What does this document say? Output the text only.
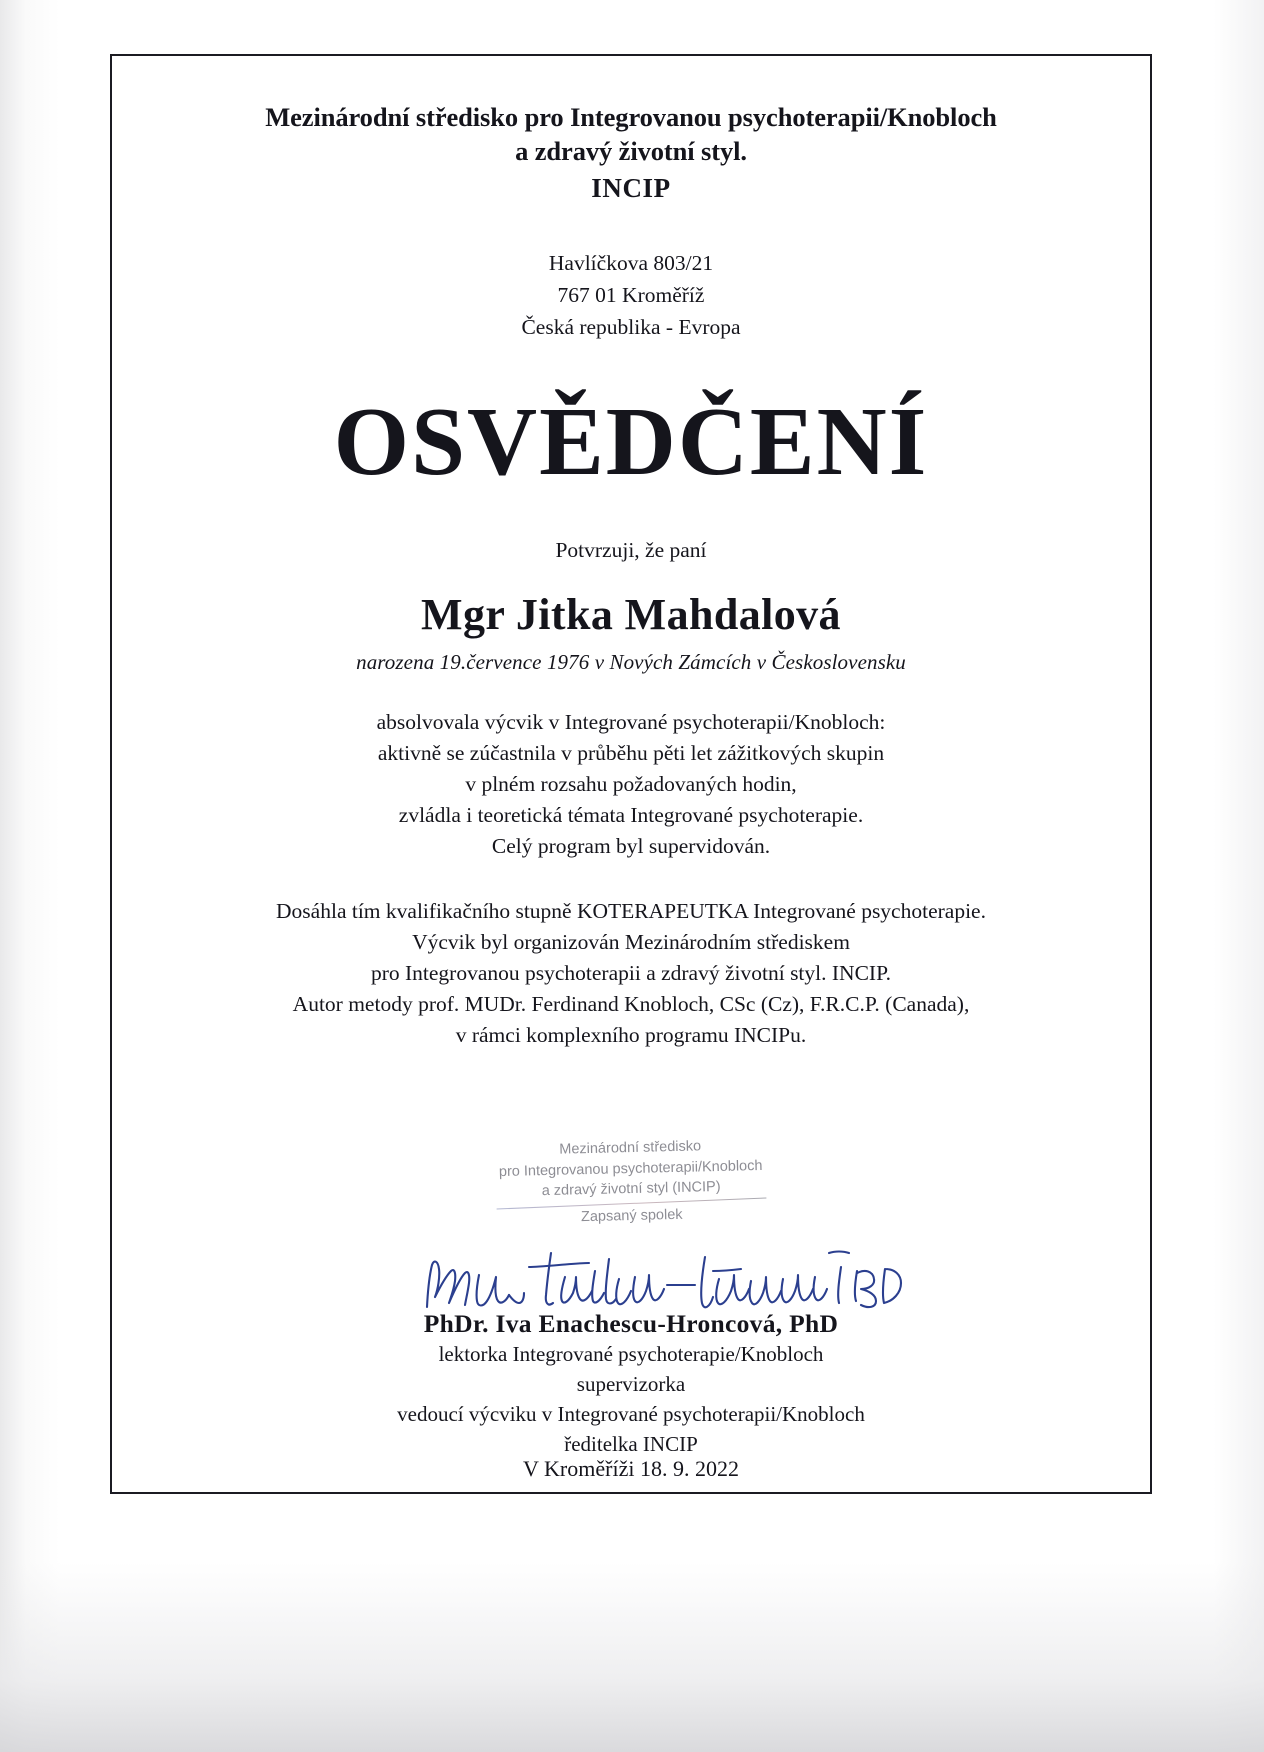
Mezinárodní středisko pro Integrovanou psychoterapii/Knobloch
a zdravý životní styl.
INCIP
Havlíčkova 803/21
767 01 Kroměříž
Česká republika - Evropa
OSVĚDČENÍ
Potvrzuji, že paní
Mgr Jitka Mahdalová
narozena 19.července 1976 v Nových Zámcích v Československu
absolvovala výcvik v Integrované psychoterapii/Knobloch:
aktivně se zúčastnila v průběhu pěti let zážitkových skupin
v plném rozsahu požadovaných hodin,
zvládla i teoretická témata Integrované psychoterapie.
Celý program byl supervidován.
Dosáhla tím kvalifikačního stupně KOTERAPEUTKA Integrované psychoterapie.
Výcvik byl organizován Mezinárodním střediskem
pro Integrovanou psychoterapii a zdravý životní styl. INCIP.
Autor metody prof. MUDr. Ferdinand Knobloch, CSc (Cz), F.R.C.P. (Canada),
v rámci komplexního programu INCIPu.
Mezinárodní středisko
pro Integrovanou psychoterapii/Knobloch
a zdravý životní styl (INCIP)
Zapsaný spolek
PhDr. Iva Enachescu-Hroncová, PhD
lektorka Integrované psychoterapie/Knobloch
supervizorka
vedoucí výcviku v Integrované psychoterapii/Knobloch
ředitelka INCIP
V Kroměříži 18. 9. 2022
